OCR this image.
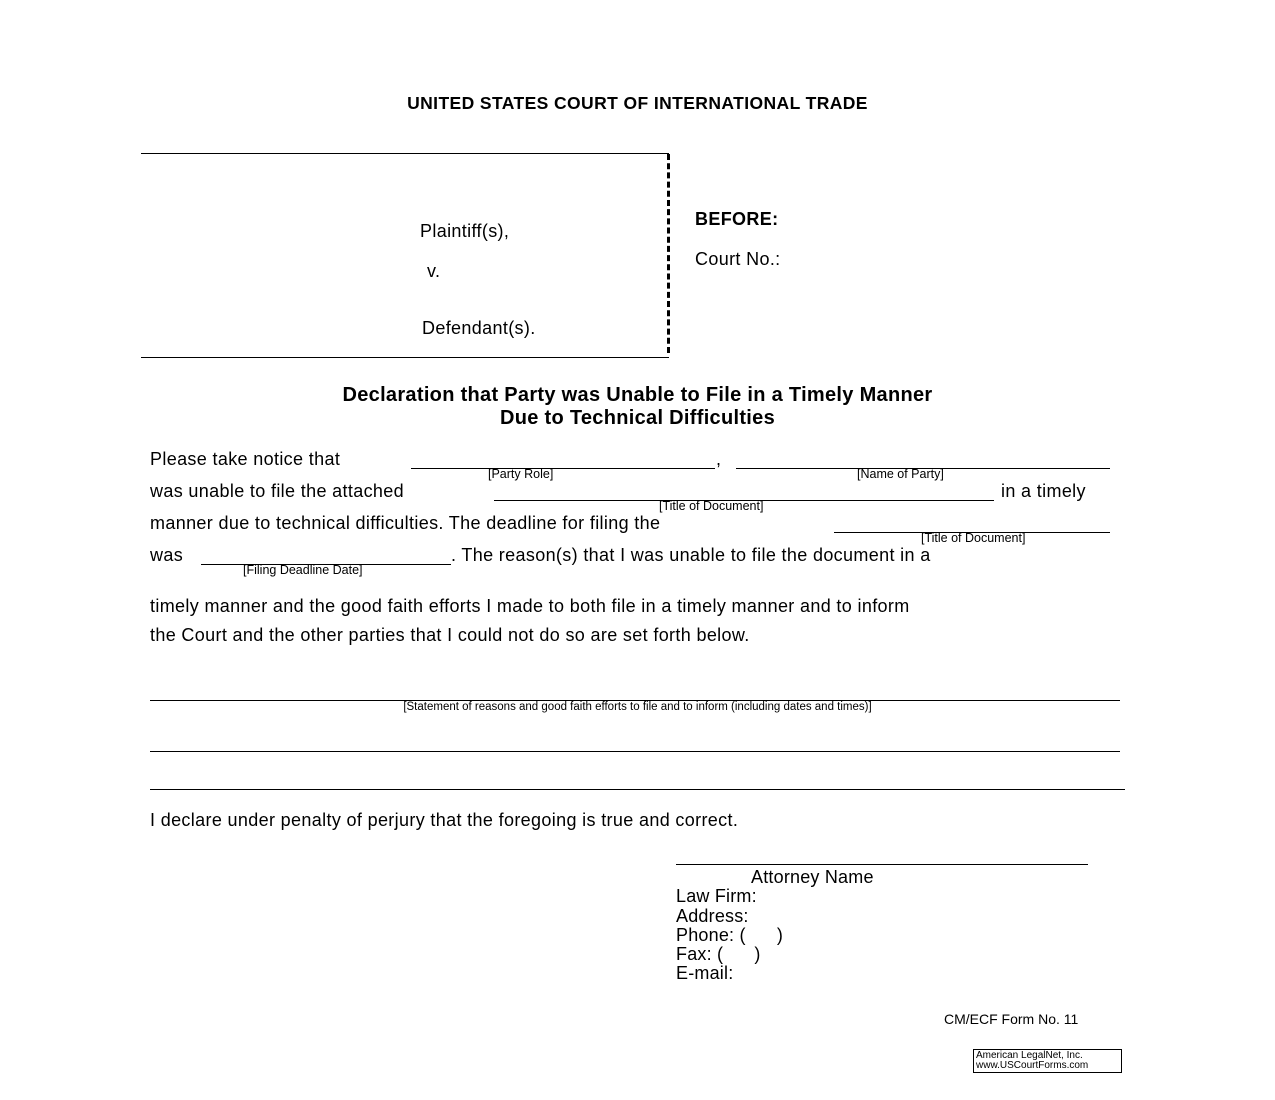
UNITED STATES COURT OF INTERNATIONAL TRADE
Plaintiff(s),
v.
Defendant(s).
BEFORE:
Court No.:
Declaration that Party was Unable to File in a Timely Manner
Due to Technical Difficulties
Please take notice that	,
[Party Role]	[Name of Party]
was unable to file the attached	in a timely
[Title of Document]
manner due to technical difficulties. The deadline for filing the
[Title of Document]
was	. The reason(s) that I was unable to file the document in a
[Filing Deadline Date]
timely manner and the good faith efforts I made to both file in a timely manner and to inform
the Court and the other parties that I could not do so are set forth below.
[Statement of reasons and good faith efforts to file and to inform (including dates and times)]
I declare under penalty of perjury that the foregoing is true and correct.
Attorney Name
Law Firm:
Address:
Phone: (      )
Fax: (      )
E-mail:
CM/ECF Form No. 11
American LegalNet, Inc.
www.USCourtForms.com
